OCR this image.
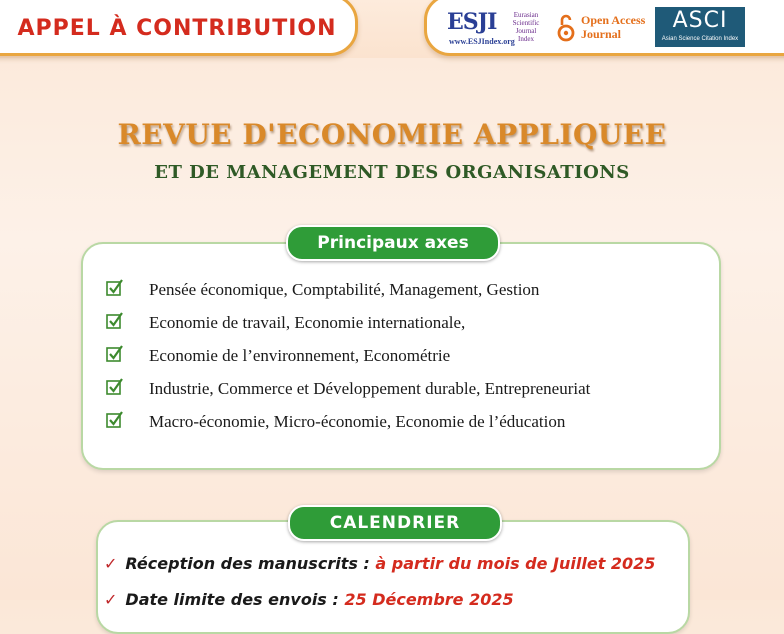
APPEL À CONTRIBUTION	ESJI	Eurasian Scientific Journal Index
www.ESJIndex.org
Open Access
Journal
ASCI
Asian Science Citation Index
REVUE D'ECONOMIE APPLIQUEE
ET DE MANAGEMENT DES ORGANISATIONS
Principaux axes
Pensée économique, Comptabilité, Management, Gestion
Economie de travail, Economie internationale,
Economie de l’environnement, Econométrie
Industrie, Commerce et Développement durable, Entrepreneuriat
Macro-économie, Micro-économie, Economie de l’éducation
CALENDRIER
✓ Réception des manuscrits : à partir du mois de Juillet 2025
✓ Date limite des envois : 25 Décembre 2025
